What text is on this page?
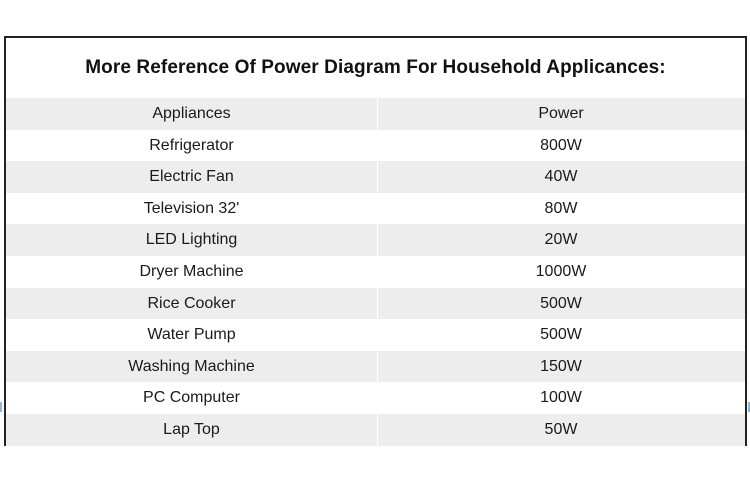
More Reference Of Power Diagram For Household Applicances:
Appliances	Power
Refrigerator	800W
Electric Fan	40W
Television 32'	80W
LED Lighting	20W
Dryer Machine	1000W
Rice Cooker	500W
Water Pump	500W
Washing Machine	150W
PC Computer	100W
Lap Top	50W
